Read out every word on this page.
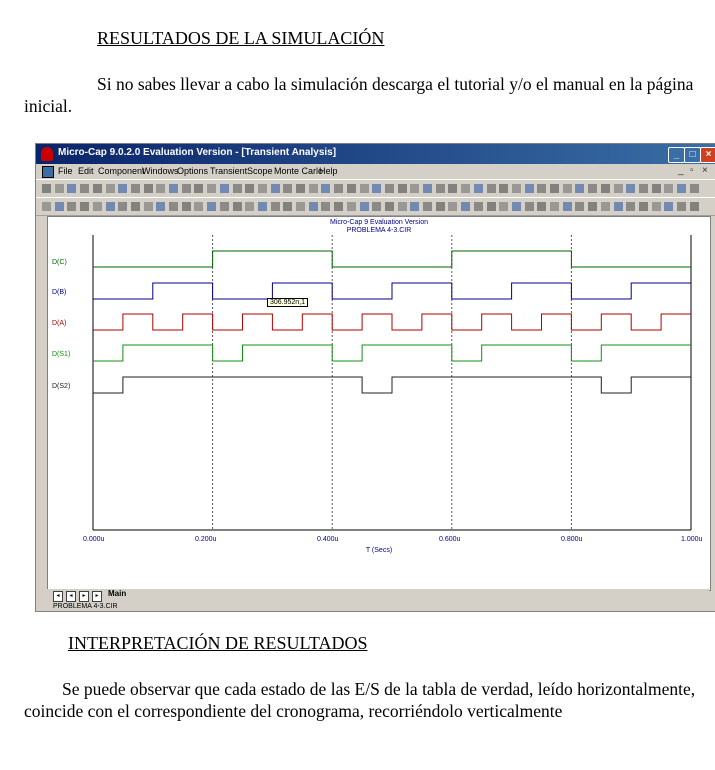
RESULTADOS DE LA SIMULACIÓN
Si no sabes llevar a cabo la simulación descarga el tutorial y/o el manual en la página inicial.
Micro-Cap 9.0.2.0 Evaluation Version - [Transient Analysis]	_	□	×
File Edit Component
Windows
Options Transient Scope Monte Carlo
Help	_ ▫ ×
Micro-Cap 9 Evaluation Version
PROBLEMA 4-3.CIR
D(C)
D(B)
D(A)
D(S1)
D(S2)
306.952n,1
0.000u	0.200u	0.400u	0.600u	0.800u	1.000u
T (Secs)
◂	◂	▸	▸	Main
PROBLEMA 4-3.CIR
INTERPRETACIÓN DE RESULTADOS
Se puede observar que cada estado de las E/S de la tabla de verdad, leído horizontalmente, coincide con el correspondiente del cronograma, recorriéndolo verticalmente
